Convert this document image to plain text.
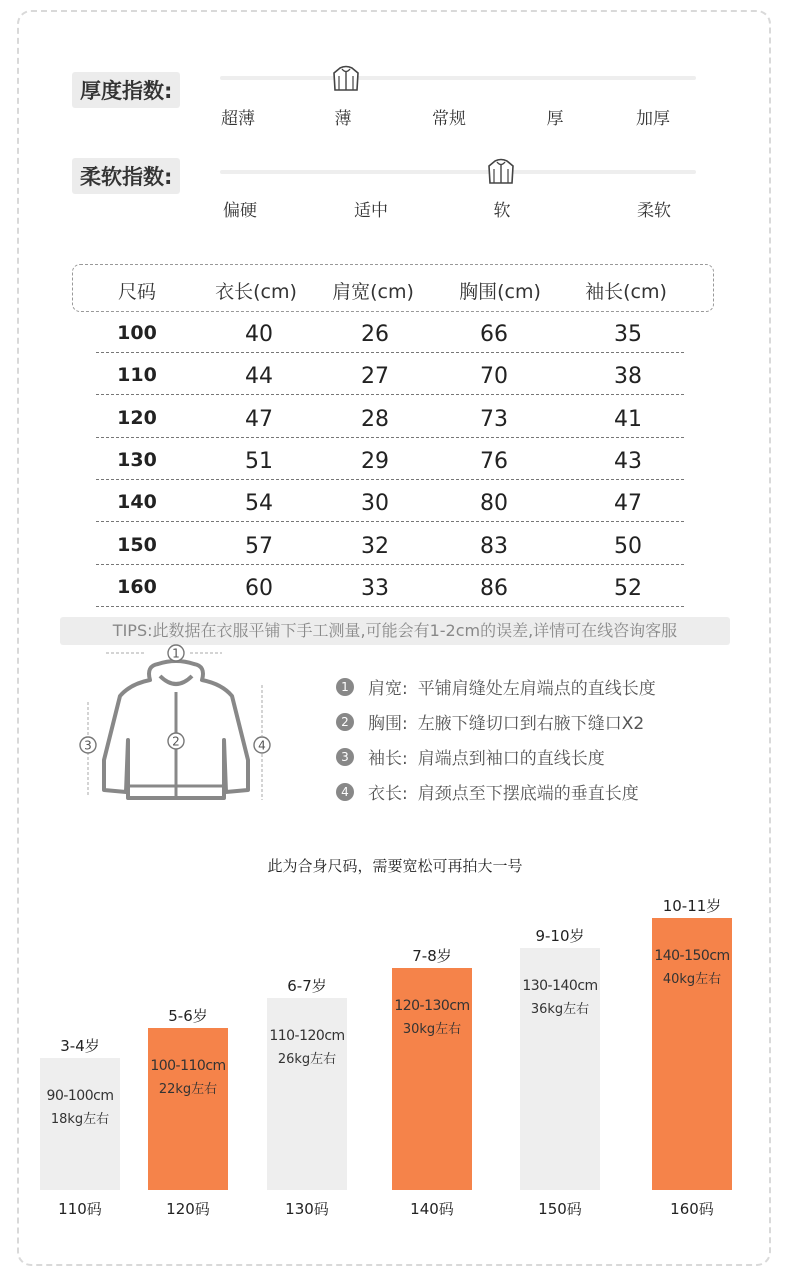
厚度指数:
超薄	薄	常规	厚	加厚
柔软指数:
偏硬	适中	软	柔软
尺码	衣长(cm) 肩宽(cm) 胸围(cm) 袖长(cm)
100	40	26	66	35
110	44	27	70	38
120	47	28	73	41
130	51	29	76	43
140	54	30	80	47
150	57	32	83	50
160	60	33	86	52
TIPS:此数据在衣服平铺下手工测量,可能会有1-2cm的误差,详情可在线咨询客服
1
2
3	4
1	肩宽: 平铺肩缝处左肩端点的直线长度
2	胸围: 左腋下缝切口到右腋下缝口X2
3	袖长: 肩端点到袖口的直线长度
4	衣长: 肩颈点至下摆底端的垂直长度
此为合身尺码，需要宽松可再拍大一号
3-4岁
90-100cm
18kg左右
110码
5-6岁
100-110cm
22kg左右
120码
6-7岁
110-120cm
26kg左右
130码
7-8岁
120-130cm
30kg左右
140码
9-10岁
130-140cm
36kg左右
150码
10-11岁
140-150cm
40kg左右
160码
